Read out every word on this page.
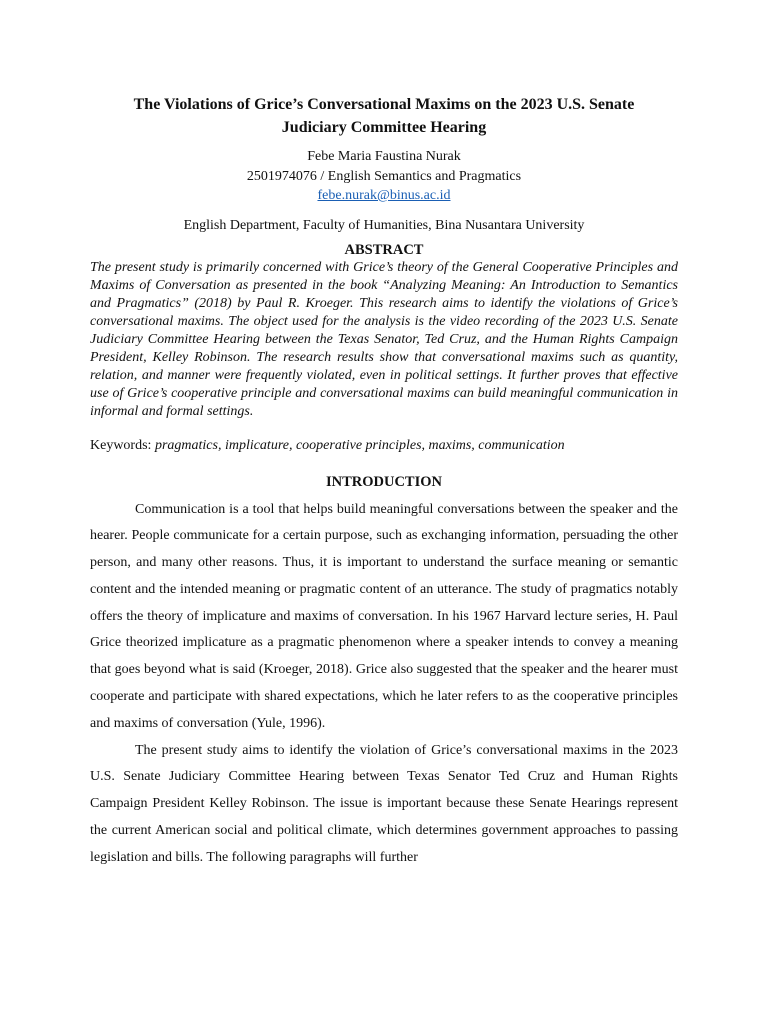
The Violations of Grice’s Conversational Maxims on the 2023 U.S. Senate
Judiciary Committee Hearing
Febe Maria Faustina Nurak
2501974076 / English Semantics and Pragmatics
febe.nurak@binus.ac.id
English Department, Faculty of Humanities, Bina Nusantara University
ABSTRACT

The present study is primarily concerned with Grice’s theory of the General Cooperative Principles and Maxims of Conversation as presented in the book “Analyzing Meaning: An Introduction to Semantics and Pragmatics” (2018) by Paul R. Kroeger. This research aims to identify the violations of Grice’s conversational maxims. The object used for the analysis is the video recording of the 2023 U.S. Senate Judiciary Committee Hearing between the Texas Senator, Ted Cruz, and the Human Rights Campaign President, Kelley Robinson. The research results show that conversational maxims such as quantity, relation, and manner were frequently violated, even in political settings. It further proves that effective use of Grice’s cooperative principle and conversational maxims can build meaningful communication in informal and formal settings.

Keywords: pragmatics, implicature, cooperative principles, maxims, communication
INTRODUCTION

Communication is a tool that helps build meaningful conversations between the speaker and the hearer. People communicate for a certain purpose, such as exchanging information, persuading the other person, and many other reasons. Thus, it is important to understand the surface meaning or semantic content and the intended meaning or pragmatic content of an utterance. The study of pragmatics notably offers the theory of implicature and maxims of conversation. In his 1967 Harvard lecture series, H. Paul Grice theorized implicature as a pragmatic phenomenon where a speaker intends to convey a meaning that goes beyond what is said (Kroeger, 2018). Grice also suggested that the speaker and the hearer must cooperate and participate with shared expectations, which he later refers to as the cooperative principles and maxims of conversation (Yule, 1996).

The present study aims to identify the violation of Grice’s conversational maxims in the 2023 U.S. Senate Judiciary Committee Hearing between Texas Senator Ted Cruz and Human Rights Campaign President Kelley Robinson. The issue is important because these Senate Hearings represent the current American social and political climate, which determines government approaches to passing legislation and bills. The following paragraphs will further
